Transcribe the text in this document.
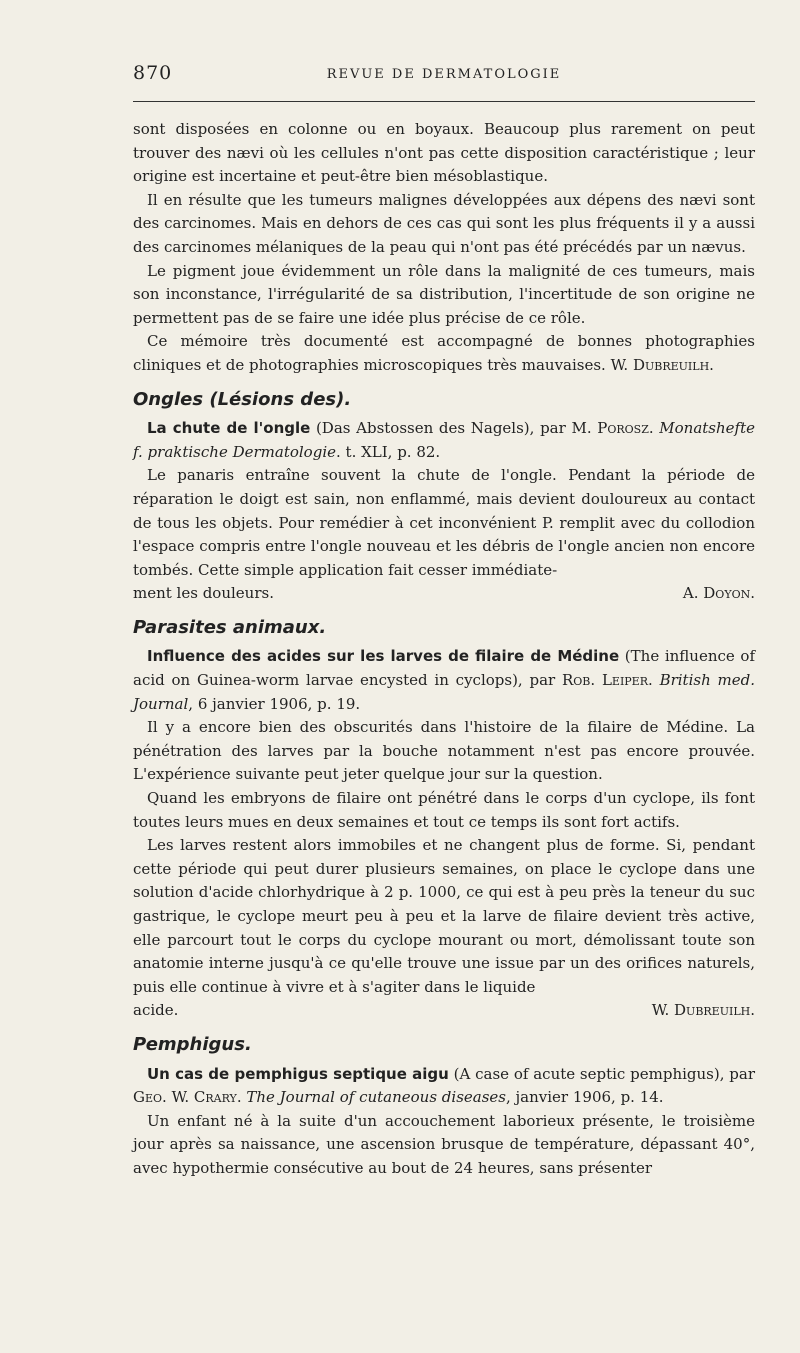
870	REVUE DE DERMATOLOGIE

sont disposées en colonne ou en boyaux. Beaucoup plus rarement on peut trouver des nævi où les cellules n'ont pas cette disposition caractéristique ; leur origine est incertaine et peut-être bien mésoblastique.

Il en résulte que les tumeurs malignes développées aux dépens des nævi sont des carcinomes. Mais en dehors de ces cas qui sont les plus fréquents il y a aussi des carcinomes mélaniques de la peau qui n'ont pas été précédés par un nævus.

Le pigment joue évidemment un rôle dans la malignité de ces tumeurs, mais son inconstance, l'irrégularité de sa distribution, l'incertitude de son origine ne permettent pas de se faire une idée plus précise de ce rôle.

Ce mémoire très documenté est accompagné de bonnes photographies cliniques et de photographies microscopiques très mauvaises. W. Dubreuilh.

Ongles (Lésions des).

La chute de l'ongle (Das Abstossen des Nagels), par M. Porosz. Monatshefte f. praktische Dermatologie. t. XLI, p. 82.

Le panaris entraîne souvent la chute de l'ongle. Pendant la période de réparation le doigt est sain, non enflammé, mais devient douloureux au contact de tous les objets. Pour remédier à cet inconvénient P. remplit avec du collodion l'espace compris entre l'ongle nouveau et les débris de l'ongle ancien non encore tombés. Cette simple application fait cesser immédiate-

ment les douleurs.	A. Doyon.
Parasites animaux.

Influence des acides sur les larves de filaire de Médine (The influence of acid on Guinea-worm larvae encysted in cyclops), par Rob. Leiper. British med. Journal, 6 janvier 1906, p. 19.

Il y a encore bien des obscurités dans l'histoire de la filaire de Médine. La pénétration des larves par la bouche notamment n'est pas encore prouvée. L'expérience suivante peut jeter quelque jour sur la question.

Quand les embryons de filaire ont pénétré dans le corps d'un cyclope, ils font toutes leurs mues en deux semaines et tout ce temps ils sont fort actifs.

Les larves restent alors immobiles et ne changent plus de forme. Si, pendant cette période qui peut durer plusieurs semaines, on place le cyclope dans une solution d'acide chlorhydrique à 2 p. 1000, ce qui est à peu près la teneur du suc gastrique, le cyclope meurt peu à peu et la larve de filaire devient très active, elle parcourt tout le corps du cyclope mourant ou mort, démolissant toute son anatomie interne jusqu'à ce qu'elle trouve une issue par un des orifices naturels, puis elle continue à vivre et à s'agiter dans le liquide

acide.	W. Dubreuilh.
Pemphigus.

Un cas de pemphigus septique aigu (A case of acute septic pemphigus), par Geo. W. Crary. The Journal of cutaneous diseases, janvier 1906, p. 14.

Un enfant né à la suite d'un accouchement laborieux présente, le troisième jour après sa naissance, une ascension brusque de température, dépassant 40°, avec hypothermie consécutive au bout de 24 heures, sans présenter
